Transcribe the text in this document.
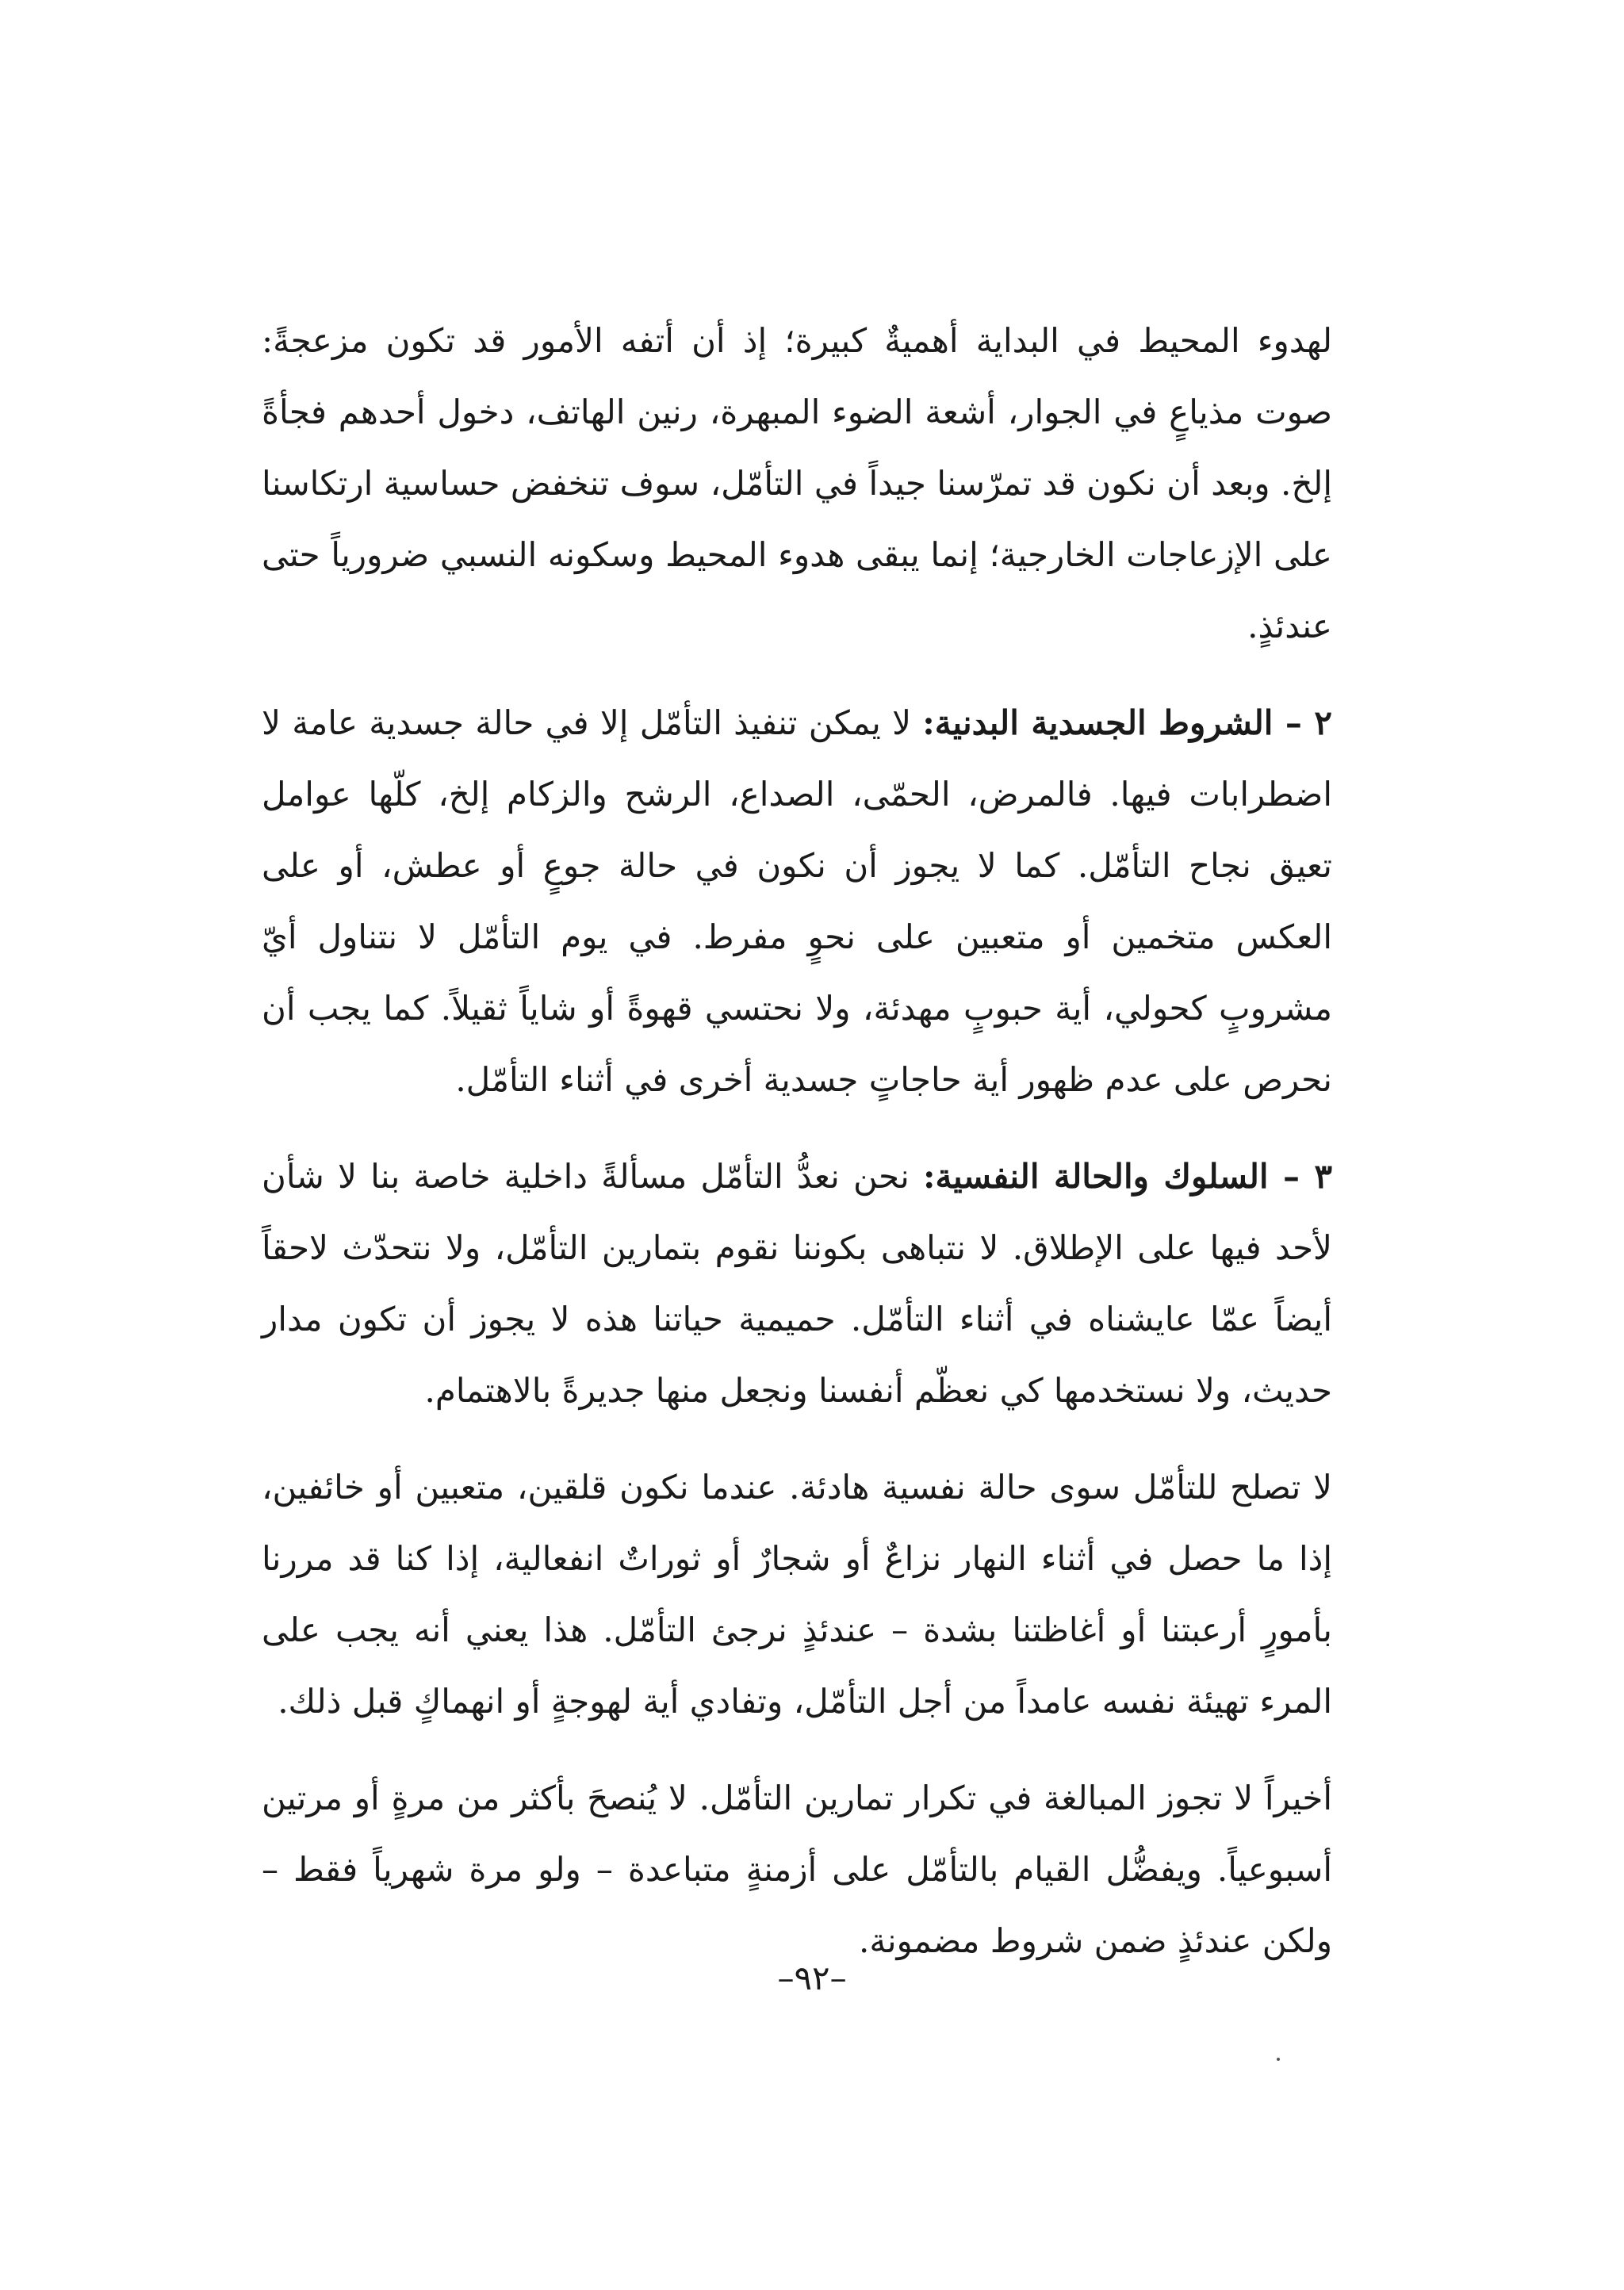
لهدوء المحيط في البداية أهميةٌ كبيرة؛ إذ أن أتفه الأمور قد تكون مزعجةً: صوت مذياعٍ في الجوار، أشعة الضوء المبهرة، رنين الهاتف، دخول أحدهم فجأةً إلخ. وبعد أن نكون قد تمرّسنا جيداً في التأمّل، سوف تنخفض حساسية ارتكاسنا على الإزعاجات الخارجية؛ إنما يبقى هدوء المحيط وسكونه النسبي ضرورياً حتى عندئذٍ.

٢ – الشروط الجسدية البدنية: لا يمكن تنفيذ التأمّل إلا في حالة جسدية عامة لا اضطرابات فيها. فالمرض، الحمّى، الصداع، الرشح والزكام إلخ، كلّها عوامل تعيق نجاح التأمّل. كما لا يجوز أن نكون في حالة جوعٍ أو عطش، أو على العكس متخمين أو متعبين على نحوٍ مفرط. في يوم التأمّل لا نتناول أيّ مشروبٍ كحولي، أية حبوبٍ مهدئة، ولا نحتسي قهوةً أو شاياً ثقيلاً. كما يجب أن نحرص على عدم ظهور أية حاجاتٍ جسدية أخرى في أثناء التأمّل.

٣ – السلوك والحالة النفسية: نحن نعدُّ التأمّل مسألةً داخلية خاصة بنا لا شأن لأحد فيها على الإطلاق. لا نتباهى بكوننا نقوم بتمارين التأمّل، ولا نتحدّث لاحقاً أيضاً عمّا عايشناه في أثناء التأمّل. حميمية حياتنا هذه لا يجوز أن تكون مدار حديث، ولا نستخدمها كي نعظّم أنفسنا ونجعل منها جديرةً بالاهتمام.

لا تصلح للتأمّل سوى حالة نفسية هادئة. عندما نكون قلقين، متعبين أو خائفين، إذا ما حصل في أثناء النهار نزاعٌ أو شجارٌ أو ثوراتٌ انفعالية، إذا كنا قد مررنا بأمورٍ أرعبتنا أو أغاظتنا بشدة – عندئذٍ نرجئ التأمّل. هذا يعني أنه يجب على المرء تهيئة نفسه عامداً من أجل التأمّل، وتفادي أية لهوجةٍ أو انهماكٍ قبل ذلك.

أخيراً لا تجوز المبالغة في تكرار تمارين التأمّل. لا يُنصحَ بأكثر من مرةٍ أو مرتين أسبوعياً. ويفضُّل القيام بالتأمّل على أزمنةٍ متباعدة – ولو مرة شهرياً فقط – ولكن عندئذٍ ضمن شروط مضمونة.

–٩٢–
